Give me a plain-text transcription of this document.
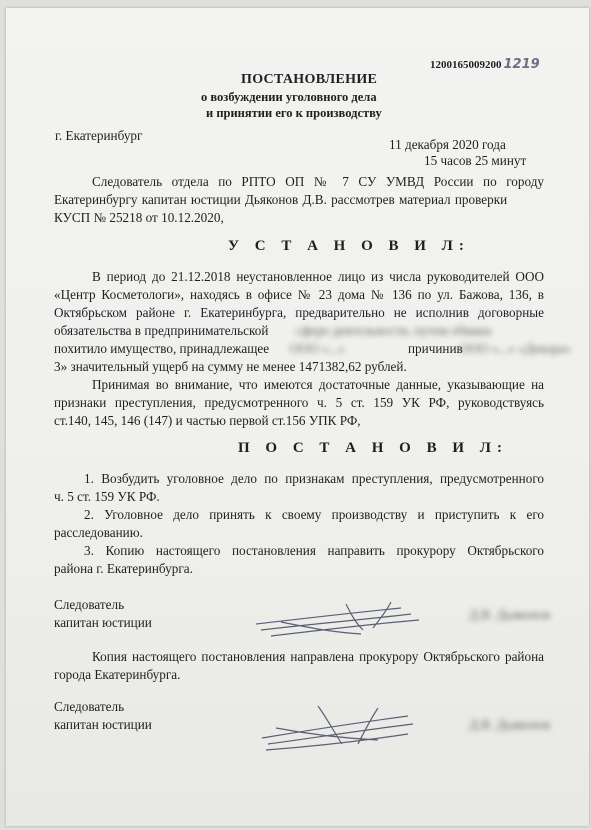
1200165009200 1219
ПОСТАНОВЛЕНИЕ
о возбуждении уголовного дела
и принятии его к производству
г. Екатеринбург
11 декабря 2020 года
15 часов 25 минут
Следователь отдела по РПТО ОП № 7 СУ УМВД России по городу
Екатеринбургу капитан юстиции Дьяконов Д.В. рассмотрев материал проверки
КУСП № 25218 от 10.12.2020,
У С Т А Н О В И Л:
В период до 21.12.2018 неустановленное лицо из числа руководителей ООО
«Центр Косметологи», находясь в офисе № 23 дома № 136 по ул. Бажова, 136, в
Октябрьском районе г. Екатеринбурга, предварительно не исполнив договорные
обязательства в предпринимательской сфере деятельности, путем обмана
похитило имущество, принадлежащее ООО «...»	причинив
ООО «...» «Декора»
3» значительный ущерб на сумму не менее 1471382,62 рублей.
Принимая во внимание, что имеются достаточные данные, указывающие на
признаки преступления, предусмотренного ч. 5 ст. 159 УК РФ, руководствуясь
ст.140, 145, 146 (147) и частью первой ст.156 УПК РФ,
П О С Т А Н О В И Л:
1. Возбудить уголовное дело по признакам преступления, предусмотренного
ч. 5 ст. 159 УК РФ.
2. Уголовное дело принять к своему производству и приступить к его
расследованию.
3. Копию настоящего постановления направить прокурору Октябрьского
района г. Екатеринбурга.
Следователь
капитан юстиции
Д.В. Дьяконов
Копия настоящего постановления направлена прокурору Октябрьского района
города Екатеринбурга.
Следователь
капитан юстиции	Д.В. Дьяконов
